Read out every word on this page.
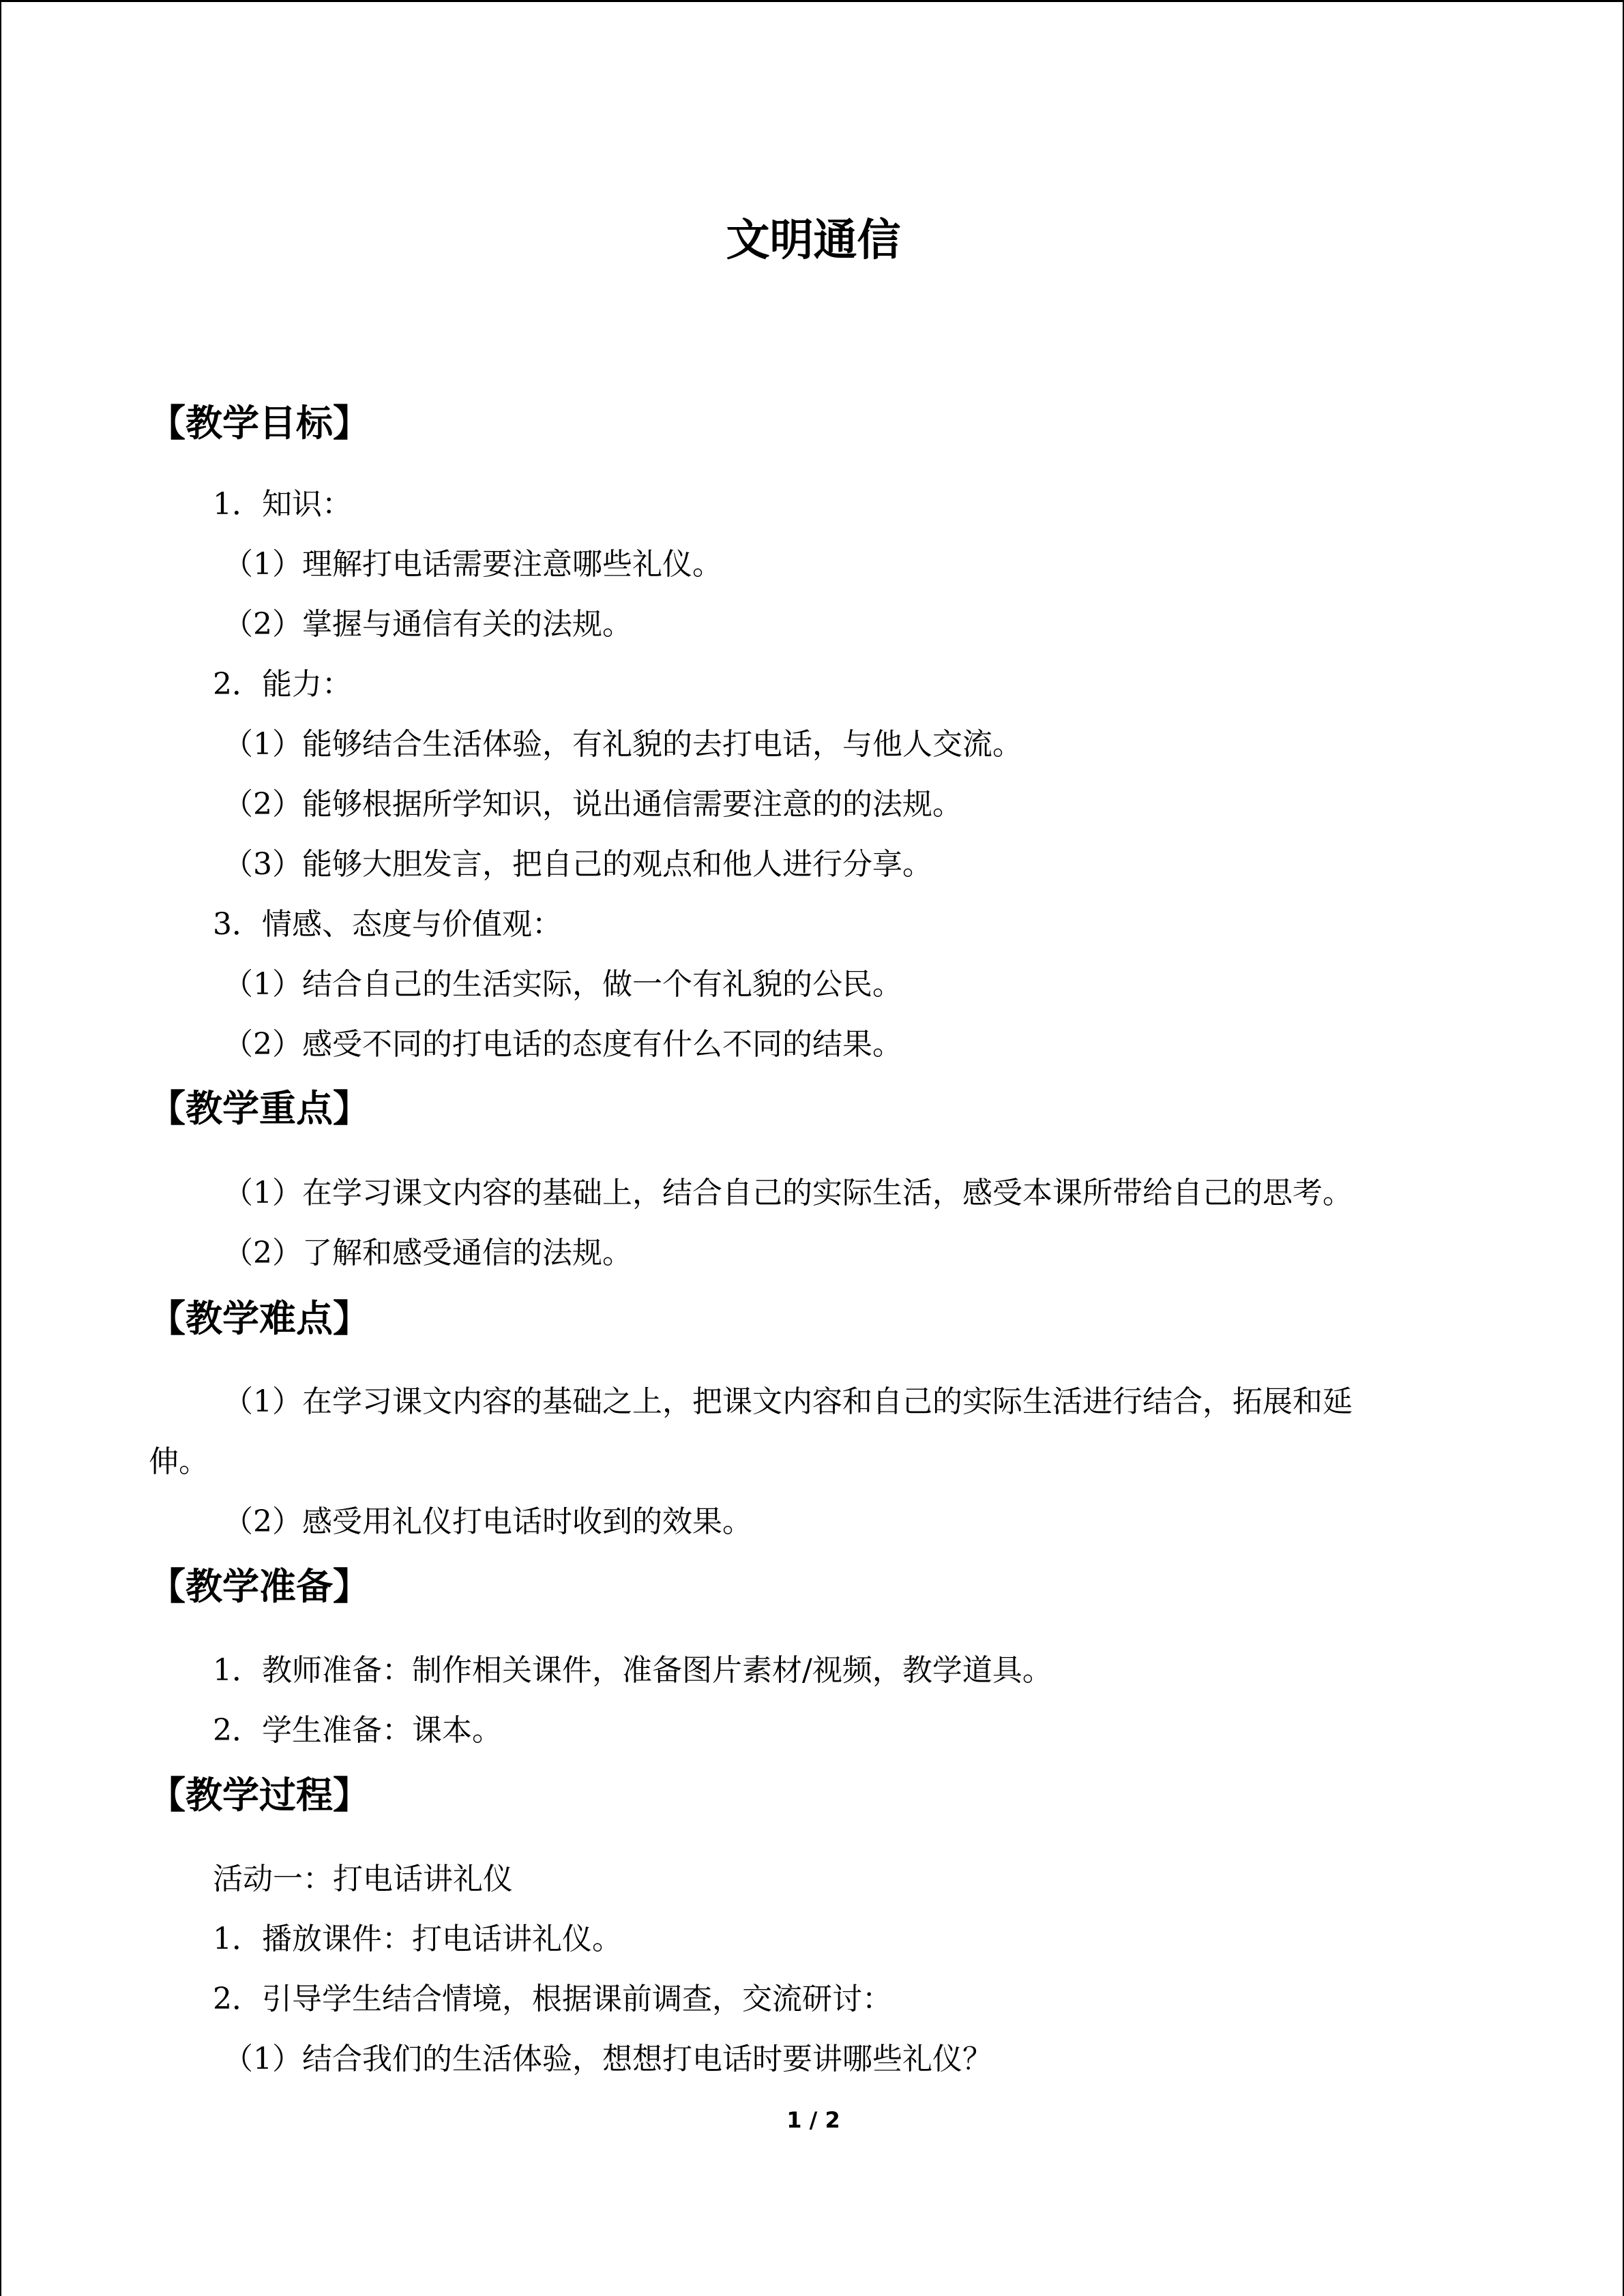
文明通信
【教学目标】
1．知识：
（1）理解打电话需要注意哪些礼仪。
（2）掌握与通信有关的法规。
2．能力：
（1）能够结合生活体验，有礼貌的去打电话，与他人交流。
（2）能够根据所学知识，说出通信需要注意的的法规。
（3）能够大胆发言，把自己的观点和他人进行分享。
3．情感、态度与价值观：
（1）结合自己的生活实际，做一个有礼貌的公民。
（2）感受不同的打电话的态度有什么不同的结果。
【教学重点】
（1）在学习课文内容的基础上，结合自己的实际生活，感受本课所带给自己的思考。
（2）了解和感受通信的法规。
【教学难点】
（1）在学习课文内容的基础之上，把课文内容和自己的实际生活进行结合，拓展和延
伸。
（2）感受用礼仪打电话时收到的效果。
【教学准备】
1．教师准备：制作相关课件，准备图片素材/视频，教学道具。
2．学生准备：课本。
【教学过程】
活动一：打电话讲礼仪
1．播放课件：打电话讲礼仪。
2．引导学生结合情境，根据课前调查，交流研讨：
（1）结合我们的生活体验，想想打电话时要讲哪些礼仪？
1 / 2
